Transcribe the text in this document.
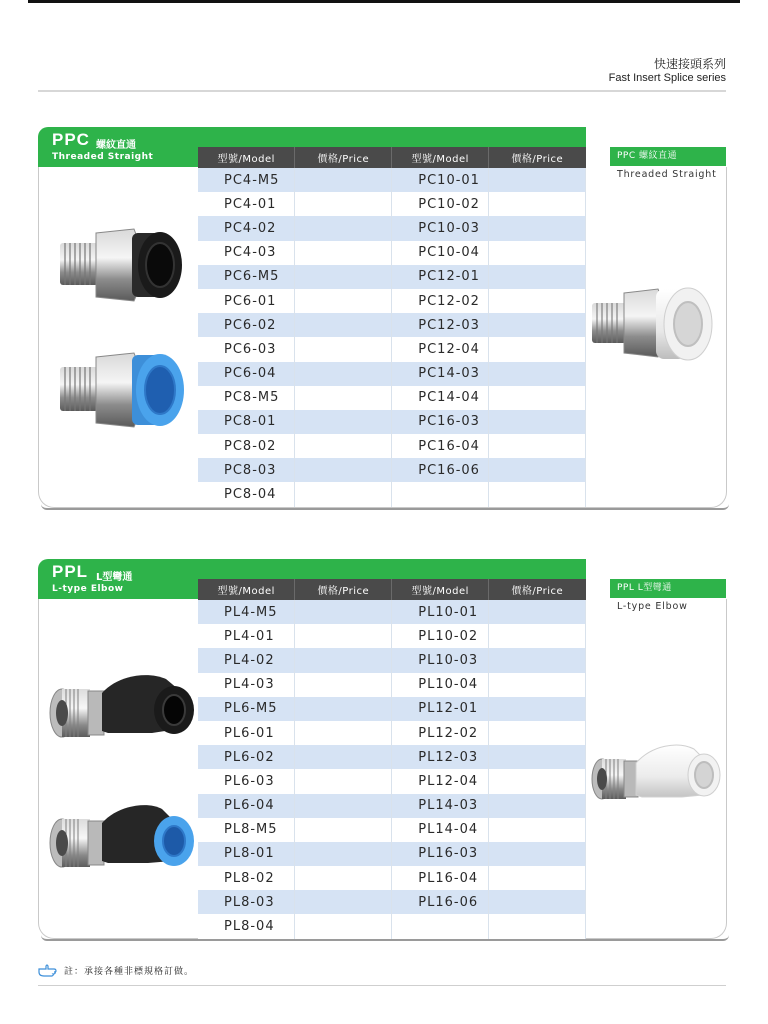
快速接頭系列
Fast Insert Splice series
PPC 螺紋直通
Threaded Straight	型號/Model	價格/Price	型號/Model	價格/Price
PC4-M5		PC10-01	
PC4-01		PC10-02	
PC4-02		PC10-03	
PC4-03		PC10-04	
PC6-M5		PC12-01	
PC6-01		PC12-02	
PC6-02		PC12-03	
PC6-03		PC12-04	
PC6-04		PC14-03	
PC8-M5		PC14-04	
PC8-01		PC16-03	
PC8-02		PC16-04	
PC8-03		PC16-06	
PC8-04			
PPC 螺紋直通
Threaded Straight
PPL L型彎通
L-type Elbow	型號/Model	價格/Price	型號/Model	價格/Price
PL4-M5		PL10-01	
PL4-01		PL10-02	
PL4-02		PL10-03	
PL4-03		PL10-04	
PL6-M5		PL12-01	
PL6-01		PL12-02	
PL6-02		PL12-03	
PL6-03		PL12-04	
PL6-04		PL14-03	
PL8-M5		PL14-04	
PL8-01		PL16-03	
PL8-02		PL16-04	
PL8-03		PL16-06	
PL8-04			
PPL L型彎通
L-type Elbow
註：承接各種非標規格訂做。
